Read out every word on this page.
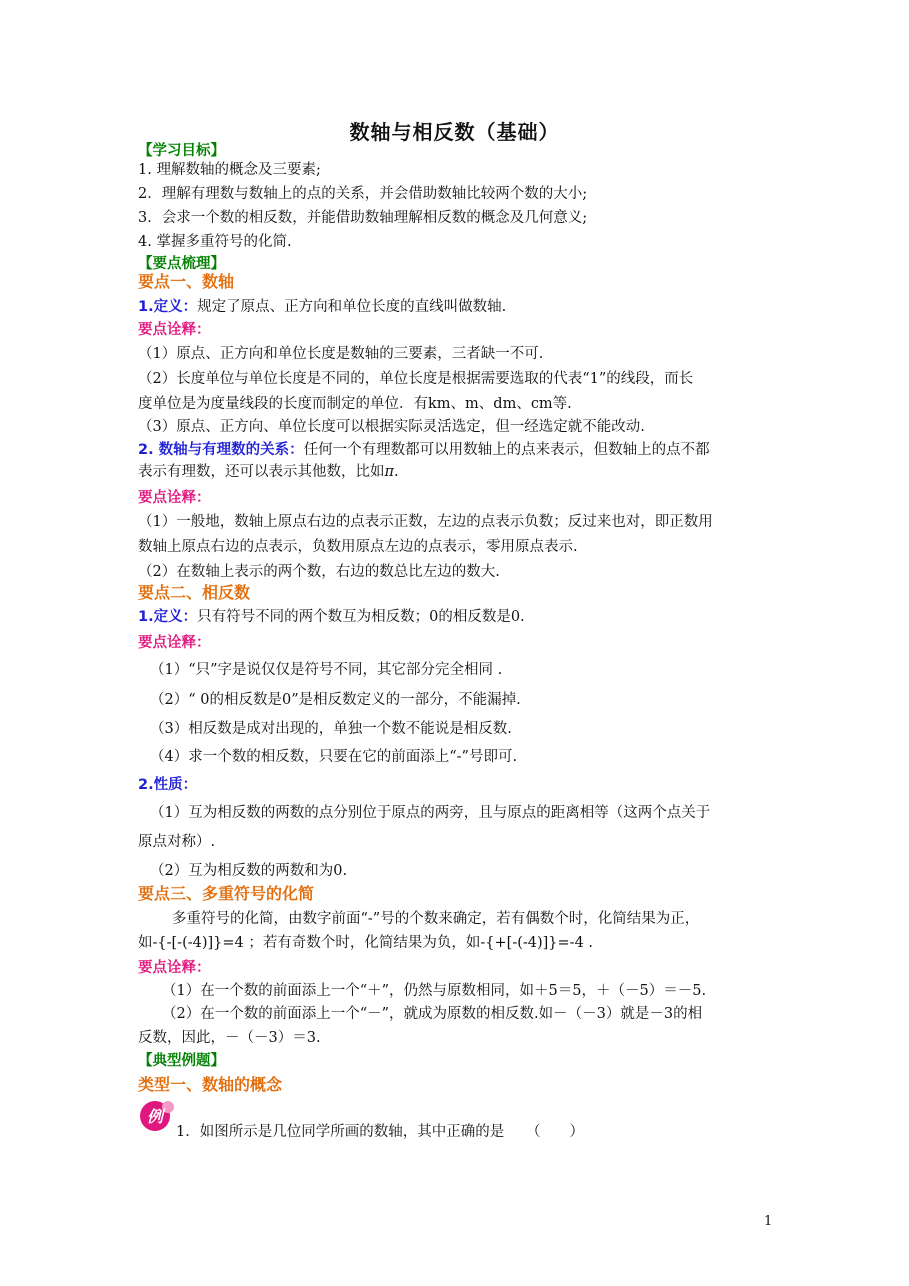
数轴与相反数（基础）
【学习目标】
1. 理解数轴的概念及三要素;
2．理解有理数与数轴上的点的关系，并会借助数轴比较两个数的大小;
3．会求一个数的相反数，并能借助数轴理解相反数的概念及几何意义;
4. 掌握多重符号的化简.
【要点梳理】
要点一、数轴
1.定义：规定了原点、正方向和单位长度的直线叫做数轴.
要点诠释：
（1）原点、正方向和单位长度是数轴的三要素，三者缺一不可.
（2）长度单位与单位长度是不同的，单位长度是根据需要选取的代表“1”的线段，而长
度单位是为度量线段的长度而制定的单位．有km、m、dm、cm等.
（3）原点、正方向、单位长度可以根据实际灵活选定，但一经选定就不能改动.
2. 数轴与有理数的关系：任何一个有理数都可以用数轴上的点来表示，但数轴上的点不都
表示有理数，还可以表示其他数，比如π.
要点诠释：
（1）一般地，数轴上原点右边的点表示正数，左边的点表示负数；反过来也对，即正数用
数轴上原点右边的点表示，负数用原点左边的点表示，零用原点表示.
（2）在数轴上表示的两个数，右边的数总比左边的数大.
要点二、相反数
1.定义：只有符号不同的两个数互为相反数；0的相反数是0.
要点诠释：
（1）“只”字是说仅仅是符号不同，其它部分完全相同 .
（2）“ 0的相反数是0”是相反数定义的一部分，不能漏掉.
（3）相反数是成对出现的，单独一个数不能说是相反数.
（4）求一个数的相反数，只要在它的前面添上“-”号即可.
2.性质：
（1）互为相反数的两数的点分别位于原点的两旁，且与原点的距离相等（这两个点关于
原点对称）.
（2）互为相反数的两数和为0.
要点三、多重符号的化简
多重符号的化简，由数字前面“-”号的个数来确定，若有偶数个时，化简结果为正，
如-{-[-(-4)]}=4 ；若有奇数个时，化简结果为负，如-{+[-(-4)]}=-4 .
要点诠释：
（1）在一个数的前面添上一个“＋”，仍然与原数相同，如＋5＝5，＋（－5）＝－5.
（2）在一个数的前面添上一个“－”，就成为原数的相反数.如－（－3）就是－3的相
反数，因此，－（－3）＝3.
【典型例题】
类型一、数轴的概念
1．如图所示是几位同学所画的数轴，其中正确的是　　（　　）
例
1
